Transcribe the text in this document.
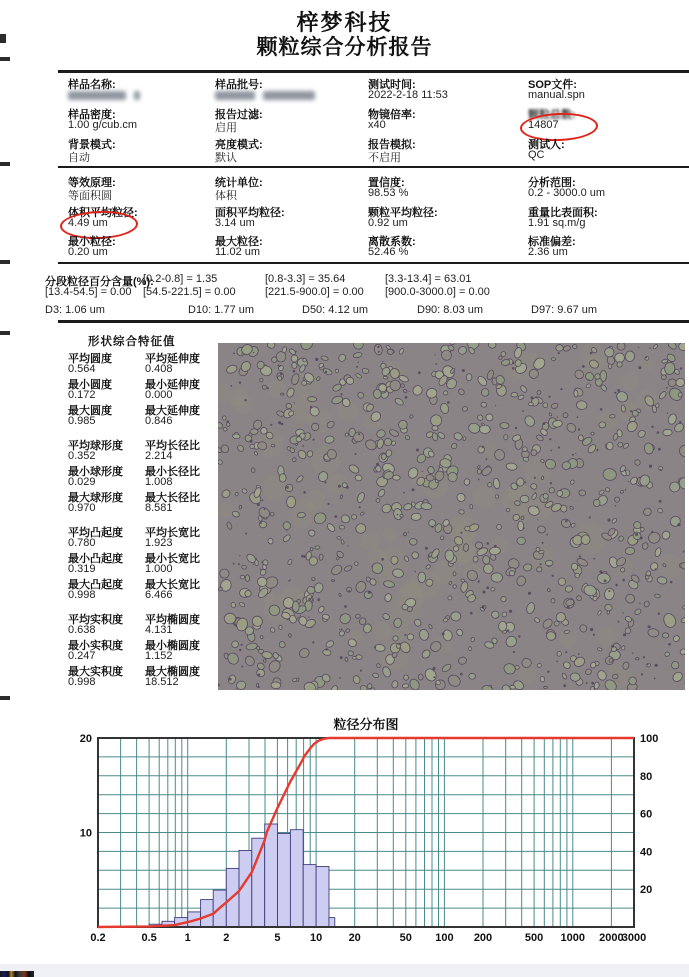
梓梦科技
颗粒综合分析报告
样品名称:	样品批号:	测试时间:
2022-2-18 11:53
SOP文件:
manual.spn
样品密度:
1.00 g/cub.cm
报告过滤:
启用
物镜倍率:
x40
颗粒总数:
14807
背景模式:
自动
亮度模式:
默认
报告模拟:
不启用
测试人:
QC
等效原理:
等面积圆
统计单位:
体积
置信度:
98.53 %
分析范围:
0.2 - 3000.0 um
体积平均粒径:
4.49 um
面积平均粒径:
3.14 um
颗粒平均粒径:
0.92 um
重量比表面积:
1.91 sq.m/g
最小粒径:
0.20 um
最大粒径:
11.02 um
离散系数:
52.46 %
标准偏差:
2.36 um
分段粒径百分含量(%):
[0.2-0.8] = 1.35	[0.8-3.3] = 35.64	[3.3-13.4] = 63.01
[13.4-54.5] = 0.00 [54.5-221.5] = 0.00	[221.5-900.0] = 0.00 [900.0-3000.0] = 0.00
D3: 1.06 um	D10: 1.77 um	D50: 4.12 um	D90: 8.03 um	D97: 9.67 um
形状综合特征值
平均圆度
0.564
平均延伸度
0.408
最小圆度
0.172
最小延伸度
0.000
最大圆度
0.985
最大延伸度
0.846
平均球形度
0.352
平均长径比
2.214
最小球形度
0.029
最小长径比
1.008
最大球形度
0.970
最大长径比
8.581
平均凸起度
0.780
平均长宽比
1.923
最小凸起度
0.319
最小长宽比
1.000
最大凸起度
0.998
最大长宽比
6.466
平均实积度
0.638
平均椭圆度
4.131
最小实积度
0.247
最小椭圆度
1.152
最大实积度
0.998
最大椭圆度
18.512
粒径分布图
20
10
100
80
60
40
20
0.2	0.5	1	2	5	10 20	50 100 200	500 1000 2000
3000
